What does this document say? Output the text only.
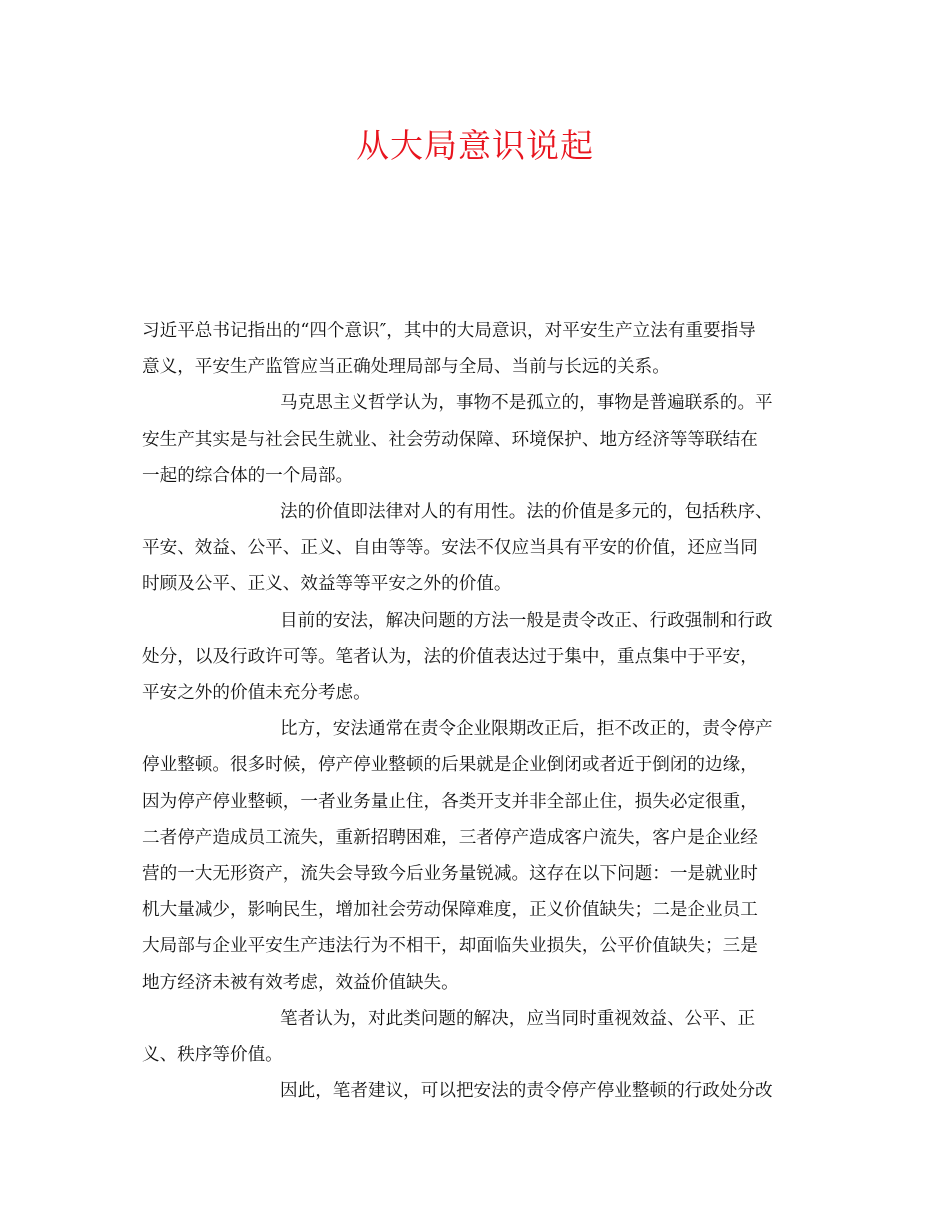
从大局意识说起
习近平总书记指出的“四个意识″，其中的大局意识，对平安生产立法有重要指导
意义，平安生产监管应当正确处理局部与全局、当前与长远的关系。
马克思主义哲学认为，事物不是孤立的，事物是普遍联系的。平
安生产其实是与社会民生就业、社会劳动保障、环境保护、地方经济等等联结在
一起的综合体的一个局部。
法的价值即法律对人的有用性。法的价值是多元的，包括秩序、
平安、效益、公平、正义、自由等等。安法不仅应当具有平安的价值，还应当同
时顾及公平、正义、效益等等平安之外的价值。
目前的安法，解决问题的方法一般是责令改正、行政强制和行政
处分，以及行政许可等。笔者认为，法的价值表达过于集中，重点集中于平安，
平安之外的价值未充分考虑。
比方，安法通常在责令企业限期改正后，拒不改正的，责令停产
停业整顿。很多时候，停产停业整顿的后果就是企业倒闭或者近于倒闭的边缘，
因为停产停业整顿，一者业务量止住，各类开支并非全部止住，损失必定很重，
二者停产造成员工流失，重新招聘困难，三者停产造成客户流失，客户是企业经
营的一大无形资产，流失会导致今后业务量锐减。这存在以下问题：一是就业时
机大量减少，影响民生，增加社会劳动保障难度，正义价值缺失；二是企业员工
大局部与企业平安生产违法行为不相干，却面临失业损失，公平价值缺失；三是
地方经济未被有效考虑，效益价值缺失。
笔者认为，对此类问题的解决，应当同时重视效益、公平、正
义、秩序等价值。
因此，笔者建议，可以把安法的责令停产停业整顿的行政处分改
